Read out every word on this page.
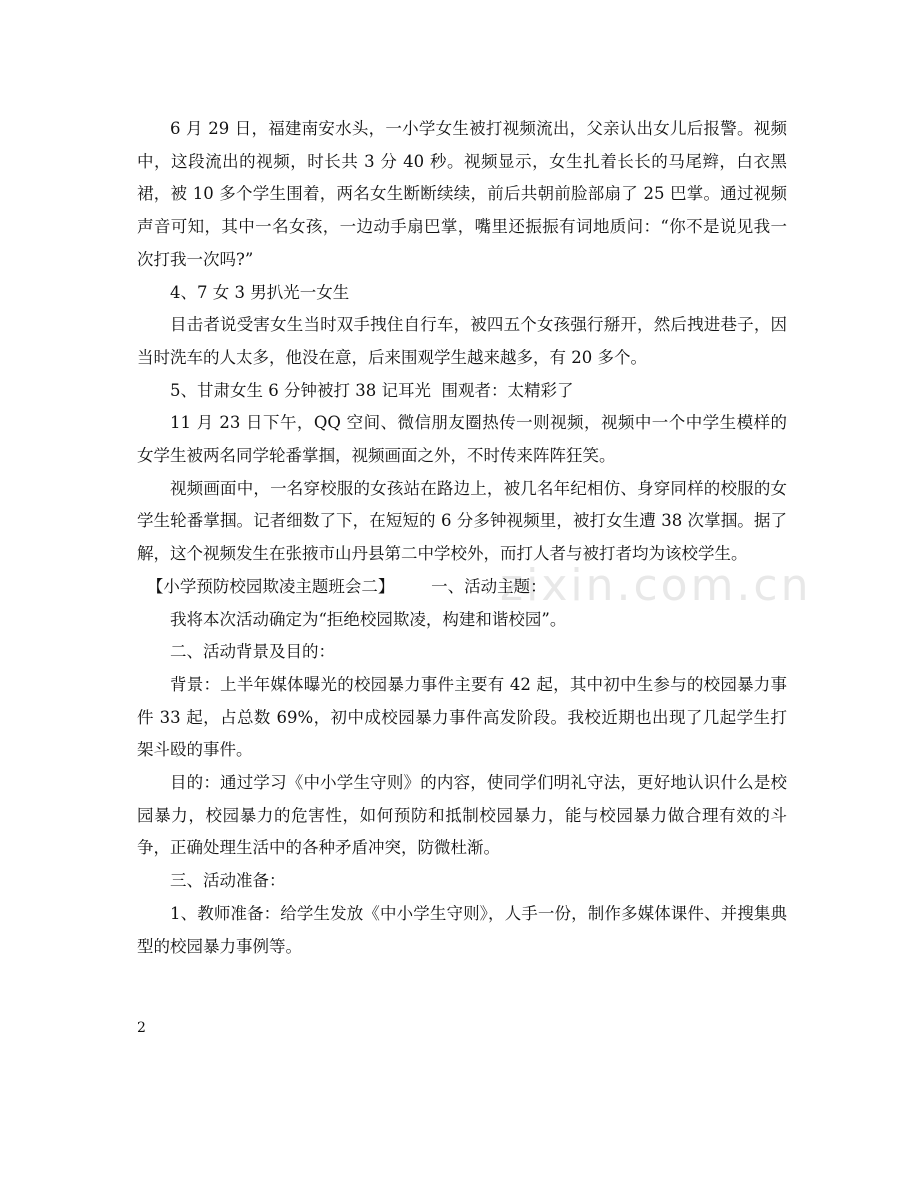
zixin.com.cn

6 月 29 日，福建南安水头，一小学女生被打视频流出，父亲认出女儿后报警。视频中，这段流出的视频，时长共 3 分 40 秒。视频显示，女生扎着长长的马尾辫，白衣黑裙，被 10 多个学生围着，两名女生断断续续，前后共朝前脸部扇了 25 巴掌。通过视频声音可知，其中一名女孩，一边动手扇巴掌，嘴里还振振有词地质问：“你不是说见我一次打我一次吗?”

4、7 女 3 男扒光一女生

目击者说受害女生当时双手拽住自行车，被四五个女孩强行掰开，然后拽进巷子，因当时洗车的人太多，他没在意，后来围观学生越来越多，有 20 多个。

5、甘肃女生 6 分钟被打 38 记耳光  围观者：太精彩了

11 月 23 日下午，QQ 空间、微信朋友圈热传一则视频，视频中一个中学生模样的女学生被两名同学轮番掌掴，视频画面之外，不时传来阵阵狂笑。

视频画面中，一名穿校服的女孩站在路边上，被几名年纪相仿、身穿同样的校服的女学生轮番掌掴。记者细数了下，在短短的 6 分多钟视频里，被打女生遭 38 次掌掴。据了解，这个视频发生在张掖市山丹县第二中学校外，而打人者与被打者均为该校学生。

【小学预防校园欺凌主题班会二】       一、活动主题：

我将本次活动确定为“拒绝校园欺凌，构建和谐校园”。

二、活动背景及目的：

背景：上半年媒体曝光的校园暴力事件主要有 42 起，其中初中生参与的校园暴力事件 33 起，占总数 69%，初中成校园暴力事件高发阶段。我校近期也出现了几起学生打架斗殴的事件。

目的：通过学习《中小学生守则》的内容，使同学们明礼守法，更好地认识什么是校园暴力，校园暴力的危害性，如何预防和抵制校园暴力，能与校园暴力做合理有效的斗争，正确处理生活中的各种矛盾冲突，防微杜渐。

三、活动准备：

1、教师准备：给学生发放《中小学生守则》，人手一份，制作多媒体课件、并搜集典型的校园暴力事例等。

2
